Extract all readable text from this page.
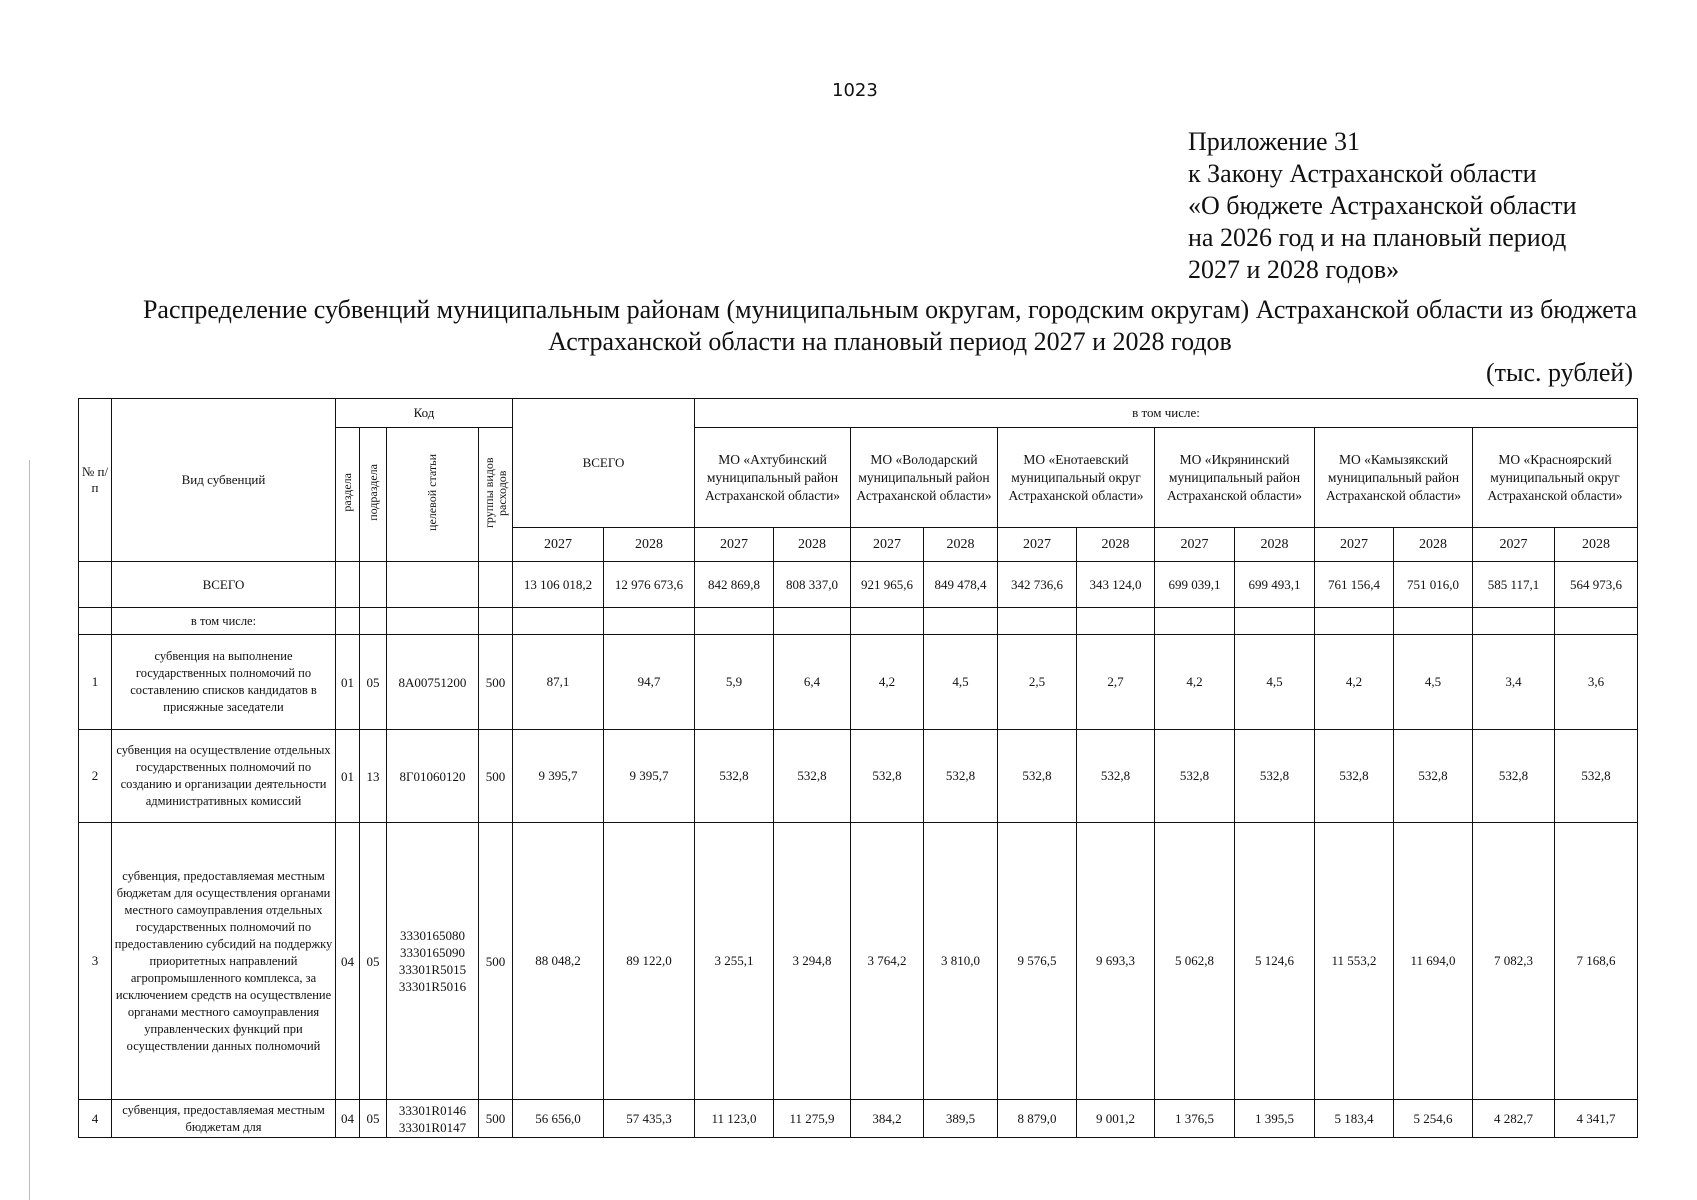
1023
Приложение 31
к Закону Астраханской области
«О бюджете Астраханской области
на 2026 год и на плановый период
2027 и 2028 годов»
Распределение субвенций муниципальным районам (муниципальным округам, городским округам) Астраханской области из бюджета Астраханской области на плановый период 2027 и 2028 годов
(тыс. рублей)
№ п/п	Вид субвенций	Код				ВСЕГО		в том числе:											
		раздела	подраздела	целевой статьи	группы видов расходов			МО «Ахтубинский муниципальный район Астраханской области»		МО «Володарский муниципальный район Астраханской области»		МО «Енотаевский муниципальный округ Астраханской области»		МО «Икрянинский муниципальный район Астраханской области»		МО «Камызякский муниципальный район Астраханской области»		МО «Красноярский муниципальный округ Астраханской области»	
						2027	2028	2027	2028	2027	2028	2027	2028	2027	2028	2027	2028	2027	2028
	ВСЕГО					13 106 018,2	12 976 673,6	842 869,8	808 337,0	921 965,6	849 478,4	342 736,6	343 124,0	699 039,1	699 493,1	761 156,4	751 016,0	585 117,1	564 973,6
	в том числе:																		
1	субвенция на выполнение государственных полномочий по составлению списков кандидатов в присяжные заседатели	01	05	8А00751200	500	87,1	94,7	5,9	6,4	4,2	4,5	2,5	2,7	4,2	4,5	4,2	4,5	3,4	3,6
2	субвенция на осуществление отдельных государственных полномочий по созданию и организации деятельности административных комиссий	01	13	8Г01060120	500	9 395,7	9 395,7	532,8	532,8	532,8	532,8	532,8	532,8	532,8	532,8	532,8	532,8	532,8	532,8
3	субвенция, предоставляемая местным бюджетам для осуществления органами местного самоуправления отдельных государственных полномочий по предоставлению субсидий на поддержку приоритетных направлений агропромышленного комплекса, за исключением средств на осуществление органами местного самоуправления управленческих функций при осуществлении данных полномочий	04	05	3330165080 3330165090 33301R5015 33301R5016	500	88 048,2	89 122,0	3 255,1	3 294,8	3 764,2	3 810,0	9 576,5	9 693,3	5 062,8	5 124,6	11 553,2	11 694,0	7 082,3	7 168,6
4	субвенция, предоставляемая местным бюджетам для	04	05	33301R0146 33301R0147	500	56 656,0	57 435,3	11 123,0	11 275,9	384,2	389,5	8 879,0	9 001,2	1 376,5	1 395,5	5 183,4	5 254,6	4 282,7	4 341,7
